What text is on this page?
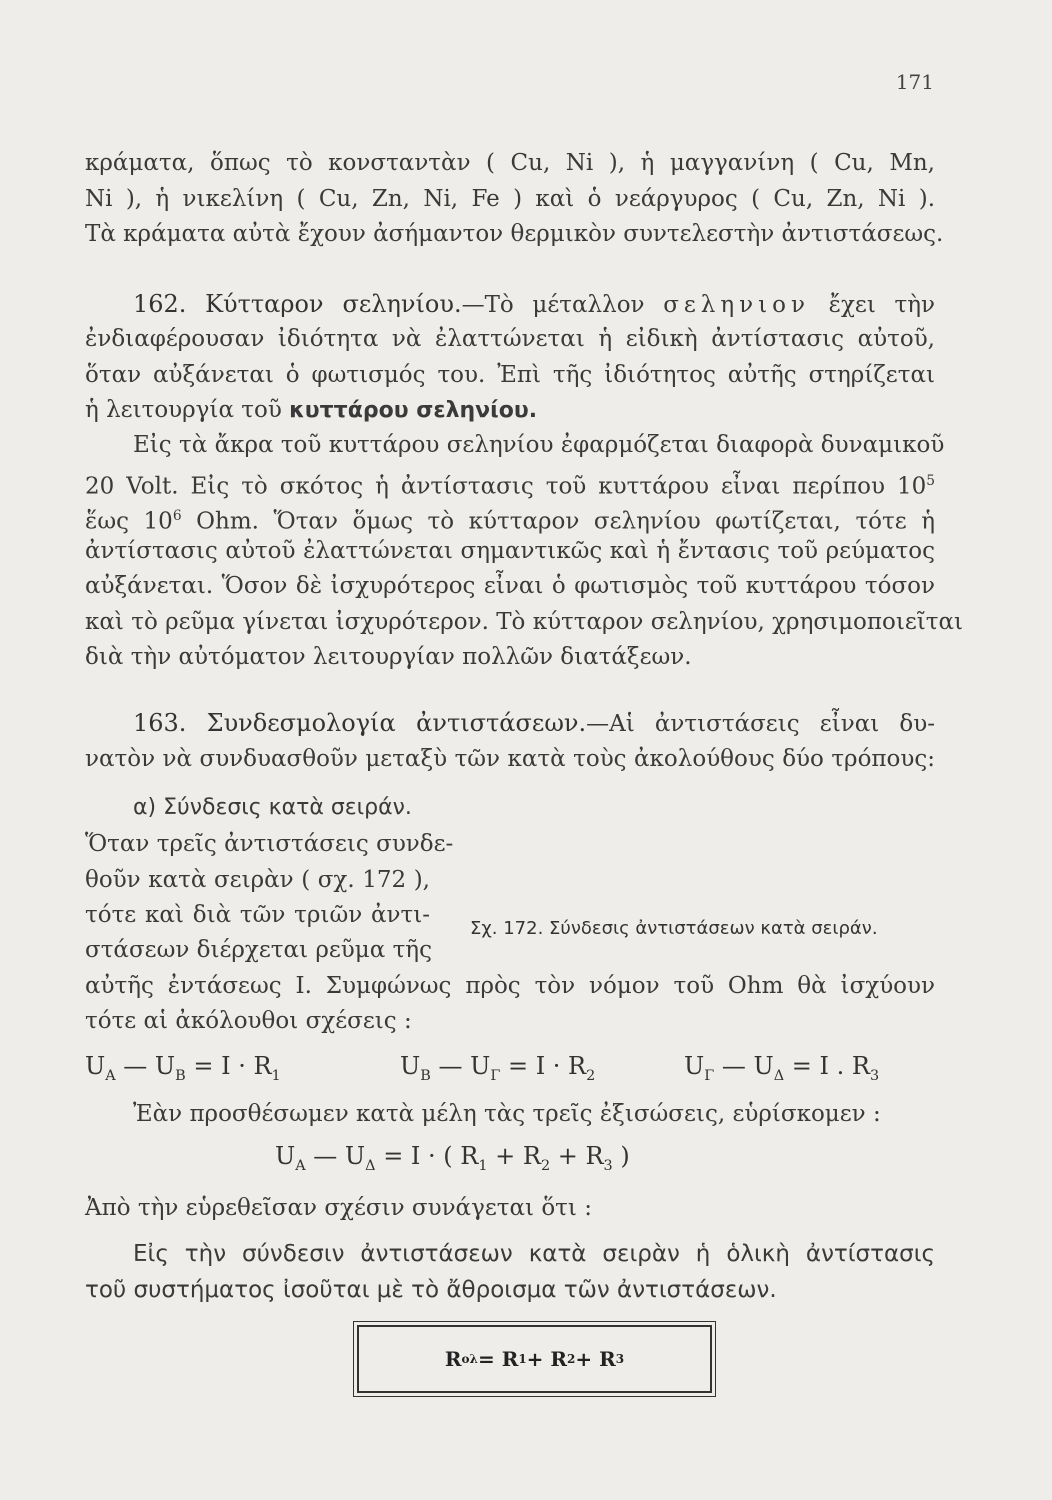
171
κράματα, ὅπως τὸ κονσταντὰν ( Cu, Ni ), ἡ μαγγανίνη ( Cu, Mn,
Ni ), ἡ νικελίνη ( Cu, Zn, Ni, Fe ) καὶ ὁ νεάργυρος ( Cu, Zn, Ni ).
Τὰ κράματα αὐτὰ ἔχουν ἀσήμαντον θερμικὸν συντελεστὴν ἀντιστάσεως.
162. Κύτταρον σεληνίου.—Τὸ μέταλλον σεληνιον ἔχει τὴν
ἐνδιαφέρουσαν ἰδιότητα νὰ ἐλαττώνεται ἡ εἰδικὴ ἀντίστασις αὐτοῦ,
ὅταν αὐξάνεται ὁ φωτισμός του. Ἐπὶ τῆς ἰδιότητος αὐτῆς στηρίζεται
ἡ λειτουργία τοῦ κυττάρου σεληνίου.
Εἰς τὰ ἄκρα τοῦ κυττάρου σεληνίου ἐφαρμόζεται διαφορὰ δυναμικοῦ
20 Volt. Εἰς τὸ σκότος ἡ ἀντίστασις τοῦ κυττάρου εἶναι περίπου $10^5$
ἕως $10^6$ Ohm. Ὅταν ὅμως τὸ κύτταρον σεληνίου φωτίζεται, τότε ἡ
ἀντίστασις αὐτοῦ ἐλαττώνεται σημαντικῶς καὶ ἡ ἔντασις τοῦ ρεύματος
αὐξάνεται. Ὅσον δὲ ἰσχυρότερος εἶναι ὁ φωτισμὸς τοῦ κυττάρου τόσον
καὶ τὸ ρεῦμα γίνεται ἰσχυρότερον. Τὸ κύτταρον σεληνίου, χρησιμοποιεῖται
διὰ τὴν αὐτόματον λειτουργίαν πολλῶν διατάξεων.
163. Συνδεσμολογία ἀντιστάσεων.—Αἱ ἀντιστάσεις εἶναι δυ-
νατὸν νὰ συνδυασθοῦν μεταξὺ τῶν κατὰ τοὺς ἀκολούθους δύο τρόπους:
α) Σύνδεσις κατὰ σειράν.
Ὅταν τρεῖς ἀντιστάσεις συνδε-
θοῦν κατὰ σειρὰν ( σχ. 172 ),
τότε καὶ διὰ τῶν τριῶν ἀντι-
στάσεων διέρχεται ρεῦμα τῆς
Σχ. 172. Σύνδεσις ἀντιστάσεων κατὰ σειράν.
αὐτῆς ἐντάσεως Ι. Συμφώνως πρὸς τὸν νόμον τοῦ Ohm θὰ ἰσχύουν
τότε αἱ ἀκόλουθοι σχέσεις :
$U_A$ — $U_B = I \cdot R_1$	$U_B$ — $U_\Gamma = I \cdot R_2$	$U_\Gamma$ — $U_\Delta = I$ . $R_3$
Ἐὰν προσθέσωμεν κατὰ μέλη τὰς τρεῖς ἐξισώσεις, εὑρίσκομεν :
$U_A$ — $U_\Delta = I$ · ( $R_1 + R_2 + R_3$ )
Ἀπὸ τὴν εὑρεθεῖσαν σχέσιν συνάγεται ὅτι :
Εἰς τὴν σύνδεσιν ἀντιστάσεων κατὰ σειρὰν ἡ ὁλικὴ ἀντίστασις
τοῦ συστήματος ἰσοῦται μὲ τὸ ἄθροισμα τῶν ἀντιστάσεων.
R ολ = R 1 + R 2 + R 3
